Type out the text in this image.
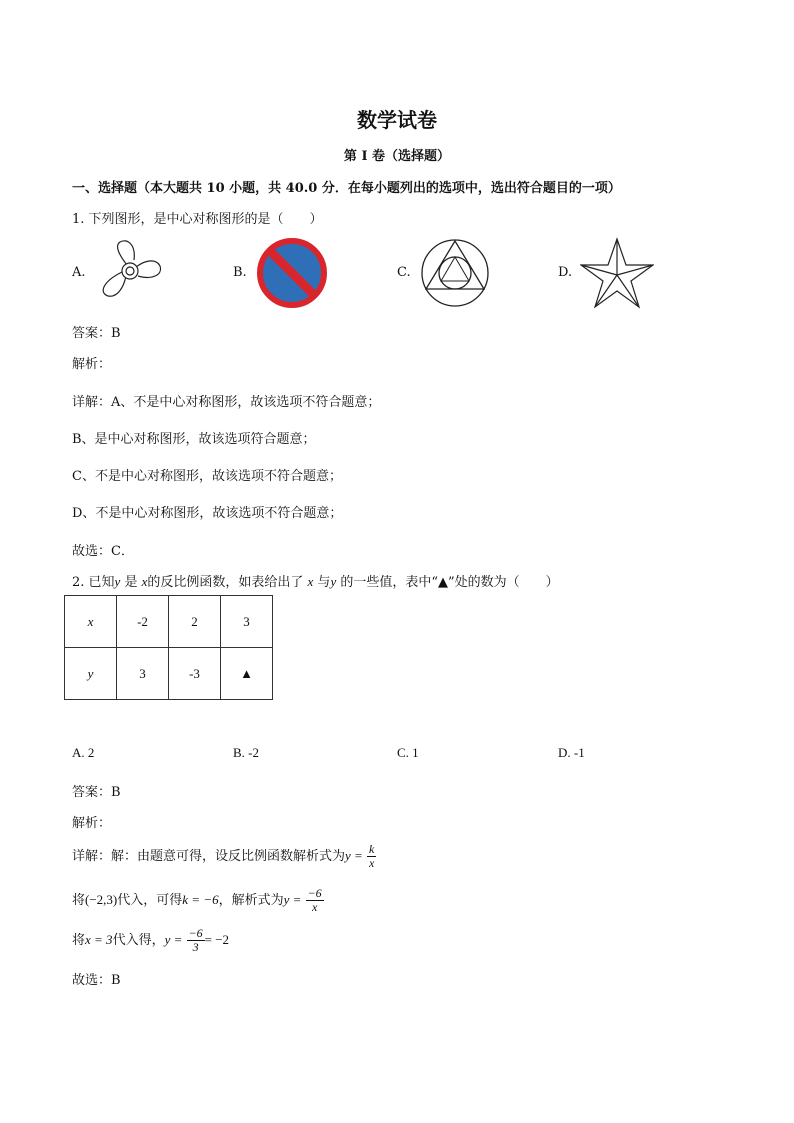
数学试卷
第 I 卷（选择题）
一、选择题（本大题共 10 小题，共 40.0 分．在每小题列出的选项中，选出符合题目的一项）
1. 下列图形，是中心对称图形的是（　　）
A.	B.	C.	D.
答案：B
解析：
详解：A、不是中心对称图形，故该选项不符合题意；
B、是中心对称图形，故该选项符合题意；
C、不是中心对称图形，故该选项不符合题意；
D、不是中心对称图形，故该选项不符合题意；
故选：C．
2. 已知y 是 x的反比例函数，如表给出了 x 与y 的一些值，表中“▲”处的数为（　　）
x	-2	2	3
y	3	-3	▲
A. 2	B. -2	C. 1	D. -1
答案：B
解析：
详解：解：由题意可得，设反比例函数解析式为$y = \frac{k}{x}$
将(−2,3)代入，可得k = −6，解析式为$y = \frac{-6}{x}$
将x = 3代入得，$y = \frac{-6}{3} = -2$
故选：B
